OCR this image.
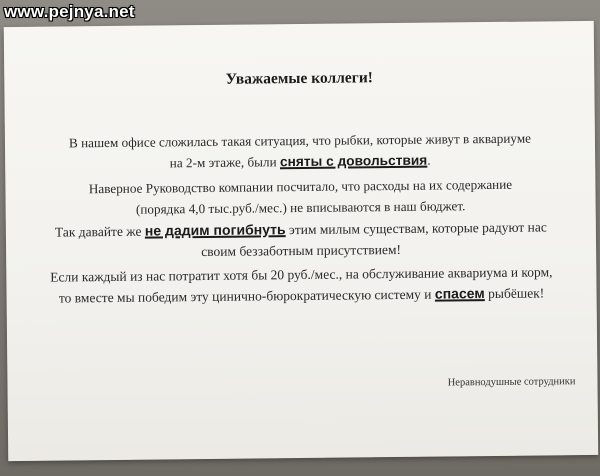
www.pejnya.net
Уважаемые коллеги!
В нашем офисе сложилась такая ситуация, что рыбки, которые живут в аквариуме
на 2-м этаже, были сняты с довольствия.
Наверное Руководство компании посчитало, что расходы на их содержание
(порядка 4,0 тыс.руб./мес.) не вписываются в наш бюджет.
Так давайте же не дадим погибнуть этим милым существам, которые радуют нас
своим беззаботным присутствием!
Если каждый из нас потратит хотя бы 20 руб./мес., на обслуживание аквариума и корм,
то вместе мы победим эту цинично-бюрократическую систему и спасем рыбёшек!
Неравнодушные сотрудники
